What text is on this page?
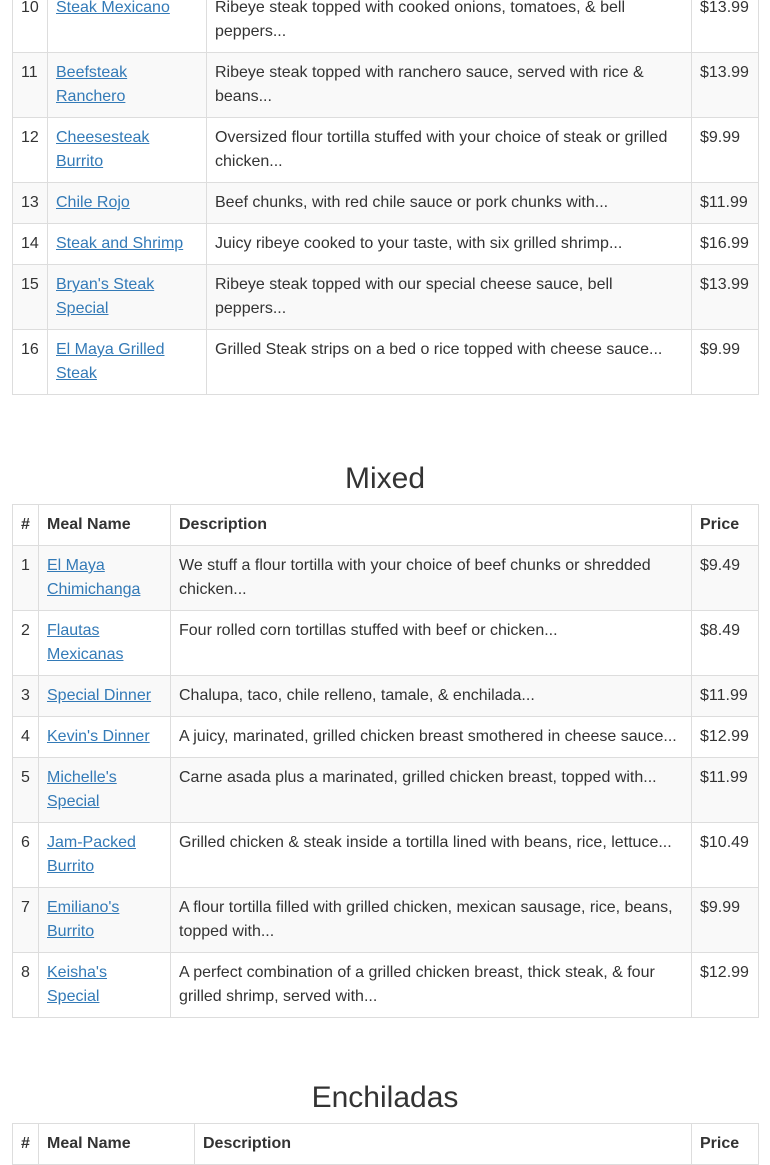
10	Steak Mexicano	Ribeye steak topped with cooked onions, tomatoes, & bell peppers...	$13.99
11	Beefsteak Ranchero	Ribeye steak topped with ranchero sauce, served with rice & beans...	$13.99
12	Cheesesteak Burrito	Oversized flour tortilla stuffed with your choice of steak or grilled chicken...	$9.99
13	Chile Rojo	Beef chunks, with red chile sauce or pork chunks with...	$11.99
14	Steak and Shrimp	Juicy ribeye cooked to your taste, with six grilled shrimp...	$16.99
15	Bryan's Steak Special	Ribeye steak topped with our special cheese sauce, bell peppers...	$13.99
16	El Maya Grilled Steak	Grilled Steak strips on a bed o rice topped with cheese sauce...	$9.99
Mixed
#	Meal Name	Description	Price
1	El Maya Chimichanga	We stuff a flour tortilla with your choice of beef chunks or shredded chicken...	$9.49
2	Flautas Mexicanas	Four rolled corn tortillas stuffed with beef or chicken...	$8.49
3	Special Dinner	Chalupa, taco, chile relleno, tamale, & enchilada...	$11.99
4	Kevin's Dinner	A juicy, marinated, grilled chicken breast smothered in cheese sauce...	$12.99
5	Michelle's Special	Carne asada plus a marinated, grilled chicken breast, topped with...	$11.99
6	Jam-Packed Burrito	Grilled chicken & steak inside a tortilla lined with beans, rice, lettuce...	$10.49
7	Emiliano's Burrito	A flour tortilla filled with grilled chicken, mexican sausage, rice, beans, topped with...	$9.99
8	Keisha's Special	A perfect combination of a grilled chicken breast, thick steak, & four grilled shrimp, served with...	$12.99
Enchiladas
#	Meal Name	Description	Price
